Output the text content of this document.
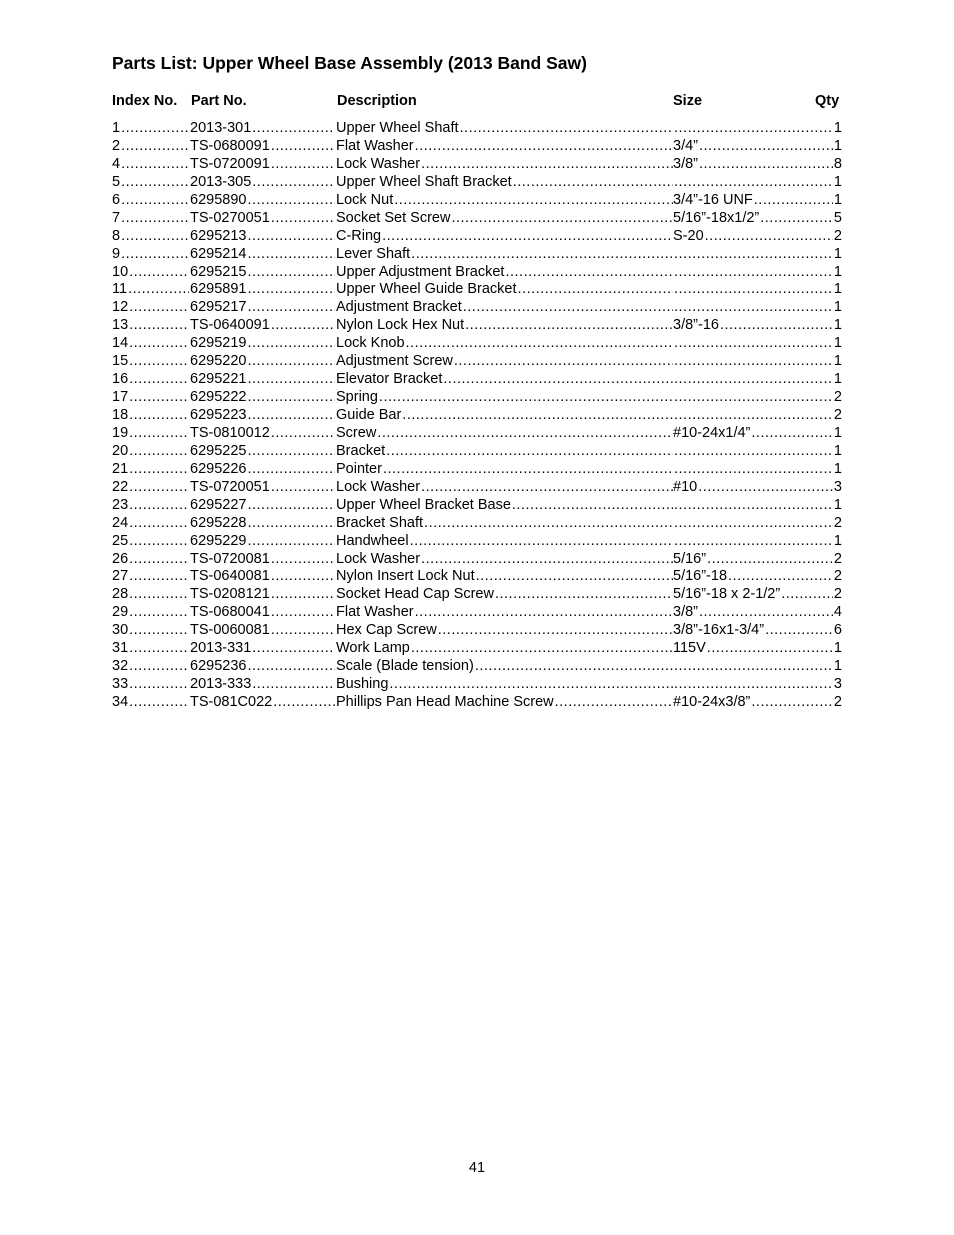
Parts List: Upper Wheel Base Assembly (2013 Band Saw)
Index No. Part No.	Description	Size	Qty
1 .....	2013-301 .....	Upper Wheel Shaft ..... .....	1
2 .....	TS-0680091 .....	Flat Washer .....	3/4” .....	1
4 .....	TS-0720091 .....	Lock Washer .....	3/8” .....	8
5 .....	2013-305 .....	Upper Wheel Shaft Bracket ..... .....	1
6 .....	6295890 .....	Lock Nut .....	3/4”-16 UNF .....	1
7 .....	TS-0270051 .....	Socket Set Screw .....	5/16”-18x1/2” .....	5
8 .....	6295213 .....	C-Ring .....	S-20 .....	2
9 .....	6295214 .....	Lever Shaft ..... .....	1
10 .....	6295215 .....	Upper Adjustment Bracket ..... .....	1
11 .....	6295891 .....	Upper Wheel Guide Bracket ..... .....	1
12 .....	6295217 .....	Adjustment Bracket ..... .....	1
13 .....	TS-0640091 .....	Nylon Lock Hex Nut .....	3/8”-16 .....	1
14 .....	6295219 .....	Lock Knob ..... .....	1
15 .....	6295220 .....	Adjustment Screw ..... .....	1
16 .....	6295221 .....	Elevator Bracket ..... .....	1
17 .....	6295222 .....	Spring ..... .....	2
18 .....	6295223 .....	Guide Bar ..... .....	2
19 .....	TS-0810012 .....	Screw .....	#10-24x1/4” .....	1
20 .....	6295225 .....	Bracket ..... .....	1
21 .....	6295226 .....	Pointer ..... .....	1
22 .....	TS-0720051 .....	Lock Washer .....	#10 .....	3
23 .....	6295227 .....	Upper Wheel Bracket Base ..... .....	1
24 .....	6295228 .....	Bracket Shaft ..... .....	2
25 .....	6295229 .....	Handwheel ..... .....	1
26 .....	TS-0720081 .....	Lock Washer .....	5/16” .....	2
27 .....	TS-0640081 .....	Nylon Insert Lock Nut .....	5/16”-18 .....	2
28 .....	TS-0208121 .....	Socket Head Cap Screw .....	5/16”-18 x 2-1/2” .....	2
29 .....	TS-0680041 .....	Flat Washer .....	3/8” .....	4
30 .....	TS-0060081 .....	Hex Cap Screw .....	3/8”-16x1-3/4” .....	6
31 .....	2013-331 .....	Work Lamp .....	115V .....	1
32 .....	6295236 .....	Scale (Blade tension) ..... .....	1
33 .....	2013-333 .....	Bushing ..... .....	3
34 .....	TS-081C022 .....	Phillips Pan Head Machine Screw .....	#10-24x3/8” .....	2
41
